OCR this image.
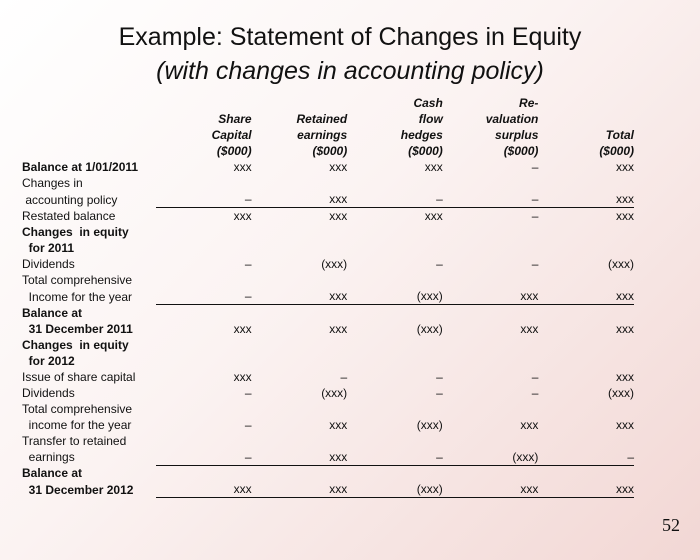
Example: Statement of Changes in Equity
(with changes in accounting policy)
			Cash	Re-	
	Share	Retained	flow	valuation	
	Capital	earnings	hedges	surplus	Total
	($000)	($000)	($000)	($000)	($000)
Balance at 1/01/2011	xxx	xxx	xxx	–	xxx
Changes in					
accounting policy	–	xxx	–	–	xxx
Restated balance	xxx	xxx	xxx	–	xxx
Changes  in equity					
for 2011					
Dividends	–	(xxx)	–	–	(xxx)
Total comprehensive					
Income for the year	–	xxx	(xxx)	xxx	xxx
Balance at					
31 December 2011	xxx	xxx	(xxx)	xxx	xxx
Changes  in equity					
for 2012					
Issue of share capital	xxx	–	–	–	xxx
Dividends	–	(xxx)	–	–	(xxx)
Total comprehensive					
income for the year	–	xxx	(xxx)	xxx	xxx
Transfer to retained					
earnings	–	xxx	–	(xxx)	–
Balance at					
31 December 2012	xxx	xxx	(xxx)	xxx	xxx
52
